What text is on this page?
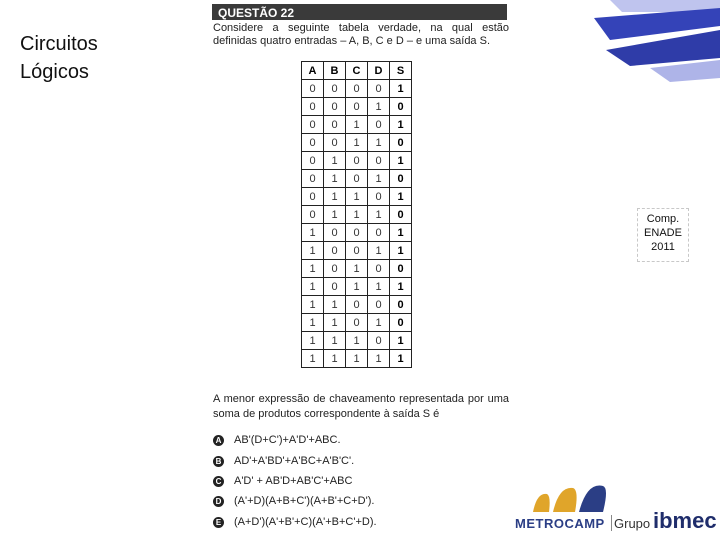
Circuitos
Lógicos
QUESTÃO 22
Considere a seguinte tabela verdade, na qual estão definidas quatro entradas – A, B, C e D – e uma saída S.
A	B	C	D	S
0	0	0	0	1
0	0	0	1	0
0	0	1	0	1
0	0	1	1	0
0	1	0	0	1
0	1	0	1	0
0	1	1	0	1
0	1	1	1	0
1	0	0	0	1
1	0	0	1	1
1	0	1	0	0
1	0	1	1	1
1	1	0	0	0
1	1	0	1	0
1	1	1	0	1
1	1	1	1	1
Comp.
ENADE
2011
A menor expressão de chaveamento representada por uma soma de produtos correspondente à saída S é
A AB'(D+C')+A'D'+ABC.
B AD'+A'BD'+A'BC+A'B'C'.
C A'D' + AB'D+AB'C'+ABC
D (A'+D)(A+B+C')(A+B'+C+D').
E (A+D')(A'+B'+C)(A'+B+C'+D).	METROCAMP Grupo ibmec
